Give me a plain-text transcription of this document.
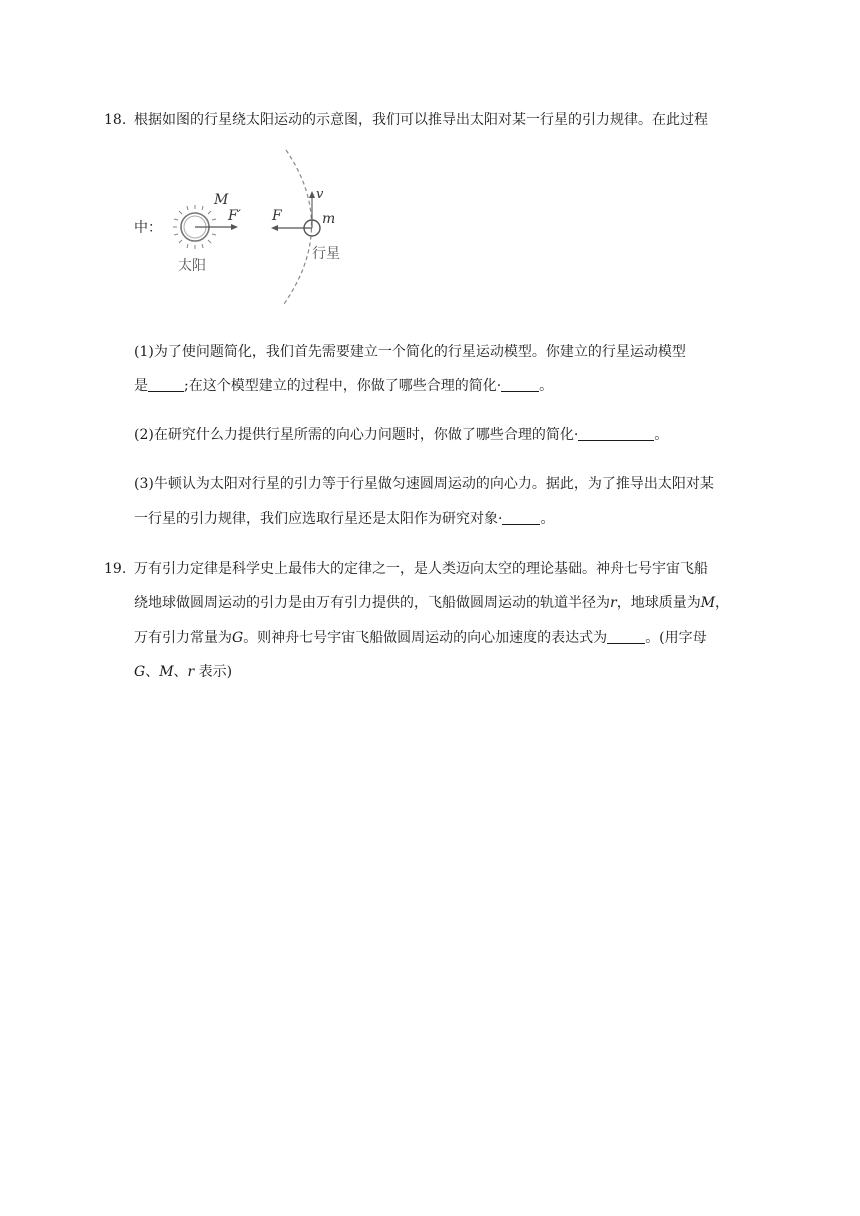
18. 根据如图的行星绕太阳运动的示意图，我们可以推导出太阳对某一行星的引力规律。在此过程
中：
M
F′
太阳
F	m
v
行星
(1)为了使问题简化，我们首先需要建立一个简化的行星运动模型。你建立的行星运动模型
是	;在这个模型建立的过程中，你做了哪些合理的简化·	。
(2)在研究什么力提供行星所需的向心力问题时，你做了哪些合理的简化·	。
(3)牛顿认为太阳对行星的引力等于行星做匀速圆周运动的向心力。据此，为了推导出太阳对某
一行星的引力规律，我们应选取行星还是太阳作为研究对象·	。
19. 万有引力定律是科学史上最伟大的定律之一，是人类迈向太空的理论基础。神舟七号宇宙飞船
绕地球做圆周运动的引力是由万有引力提供的，飞船做圆周运动的轨道半径为r，地球质量为M，
万有引力常量为G。则神舟七号宇宙飞船做圆周运动的向心加速度的表达式为	。(用字母
G、M、r 表示)
